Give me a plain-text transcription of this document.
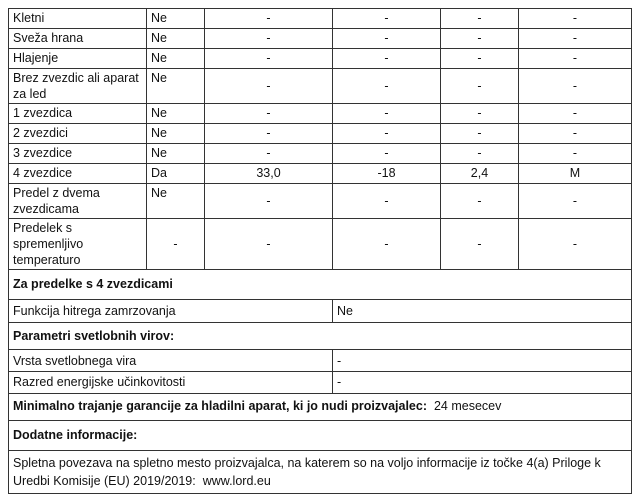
Kletni	Ne	-	-	-	-
Sveža hrana	Ne	-	-	-	-
Hlajenje	Ne	-	-	-	-
Brez zvezdic ali aparat za led	Ne	-	-	-	-
1 zvezdica	Ne	-	-	-	-
2 zvezdici	Ne	-	-	-	-
3 zvezdice	Ne	-	-	-	-
4 zvezdice	Da	33,0	-18	2,4	M
Predel z dvema zvezdicama	Ne	-	-	-	-
Predelek s spremenljivo temperaturo	-	-	-	-	-
Za predelke s 4 zvezdicami	
Funkcija hitrega zamrzovanja	Ne
Parametri svetlobnih virov:	
Vrsta svetlobnega vira	-
Razred energijske učinkovitosti	-
Minimalno trajanje garancije za hladilni aparat, ki jo nudi proizvajalec: 24 mesecev	
Dodatne informacije:	
Spletna povezava na spletno mesto proizvajalca, na katerem so na voljo informacije iz točke 4(a) Priloge k Uredbi Komisije (EU) 2019/2019: www.lord.eu	
